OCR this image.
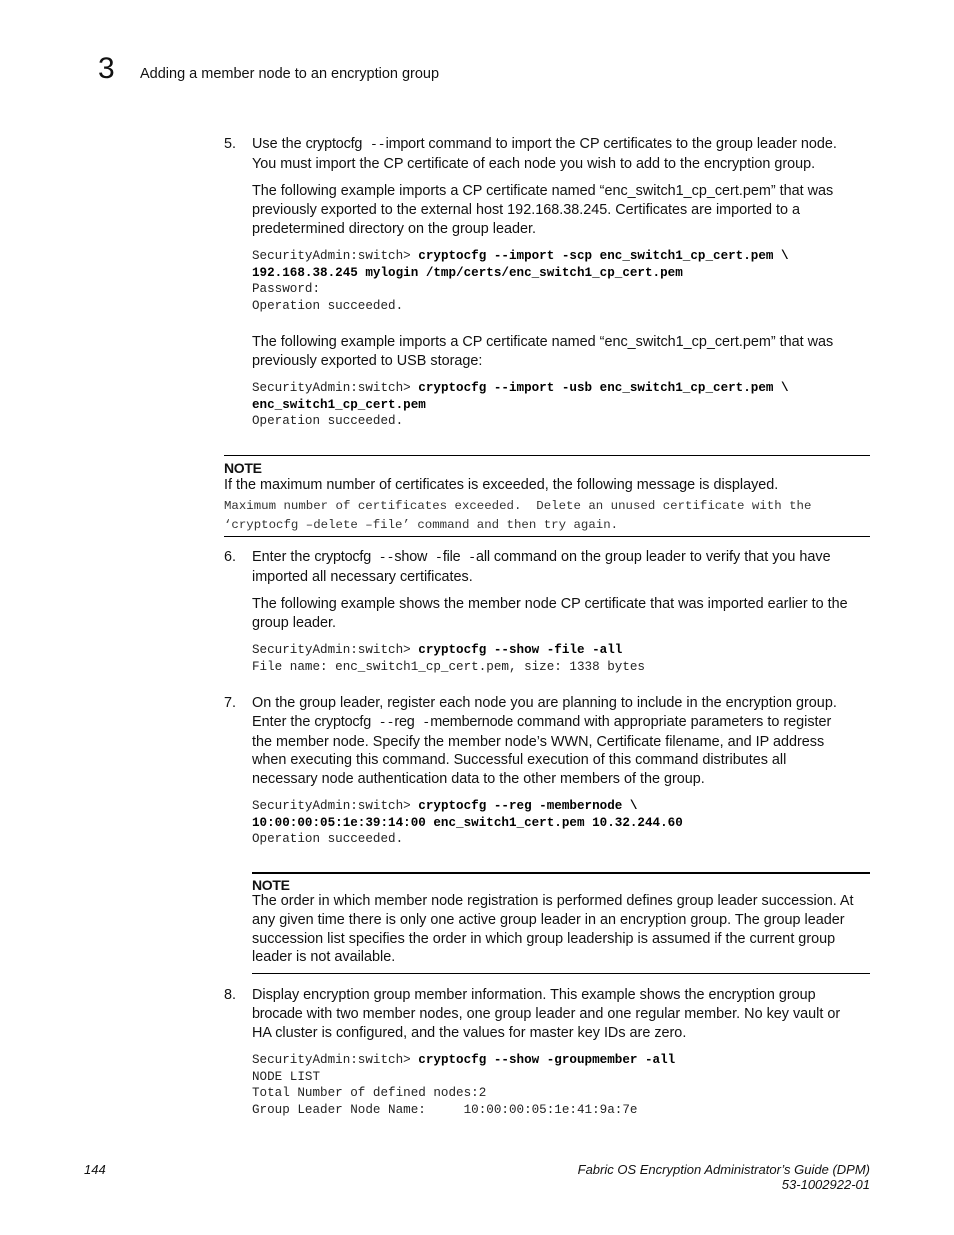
3 Adding a member node to an encryption group
5. Use the cryptocfg --import command to import the CP certificates to the group leader node.
You must import the CP certificate of each node you wish to add to the encryption group.
The following example imports a CP certificate named “enc_switch1_cp_cert.pem” that was
previously exported to the external host 192.168.38.245. Certificates are imported to a
predetermined directory on the group leader.
SecurityAdmin:switch> cryptocfg --import -scp enc_switch1_cp_cert.pem \
192.168.38.245 mylogin /tmp/certs/enc_switch1_cp_cert.pem
Password:
Operation succeeded.
The following example imports a CP certificate named “enc_switch1_cp_cert.pem” that was
previously exported to USB storage:
SecurityAdmin:switch> cryptocfg --import -usb enc_switch1_cp_cert.pem \
enc_switch1_cp_cert.pem
Operation succeeded.
NOTE
If the maximum number of certificates is exceeded, the following message is displayed.
Maximum number of certificates exceeded.  Delete an unused certificate with the
‘cryptocfg –delete –file’ command and then try again.
6. Enter the cryptocfg --show -file -all command on the group leader to verify that you have
imported all necessary certificates.
The following example shows the member node CP certificate that was imported earlier to the
group leader.
SecurityAdmin:switch> cryptocfg --show -file -all
File name: enc_switch1_cp_cert.pem, size: 1338 bytes
7. On the group leader, register each node you are planning to include in the encryption group.
Enter the cryptocfg --reg -membernode command with appropriate parameters to register
the member node. Specify the member node’s WWN, Certificate filename, and IP address
when executing this command. Successful execution of this command distributes all
necessary node authentication data to the other members of the group.
SecurityAdmin:switch> cryptocfg --reg -membernode \
10:00:00:05:1e:39:14:00 enc_switch1_cert.pem 10.32.244.60
Operation succeeded.
NOTE
The order in which member node registration is performed defines group leader succession. At
any given time there is only one active group leader in an encryption group. The group leader
succession list specifies the order in which group leadership is assumed if the current group
leader is not available.
8. Display encryption group member information. This example shows the encryption group
brocade with two member nodes, one group leader and one regular member. No key vault or
HA cluster is configured, and the values for master key IDs are zero.
SecurityAdmin:switch> cryptocfg --show -groupmember -all
NODE LIST
Total Number of defined nodes:2
Group Leader Node Name:     10:00:00:05:1e:41:9a:7e
144	Fabric OS Encryption Administrator’s Guide (DPM)
53-1002922-01
